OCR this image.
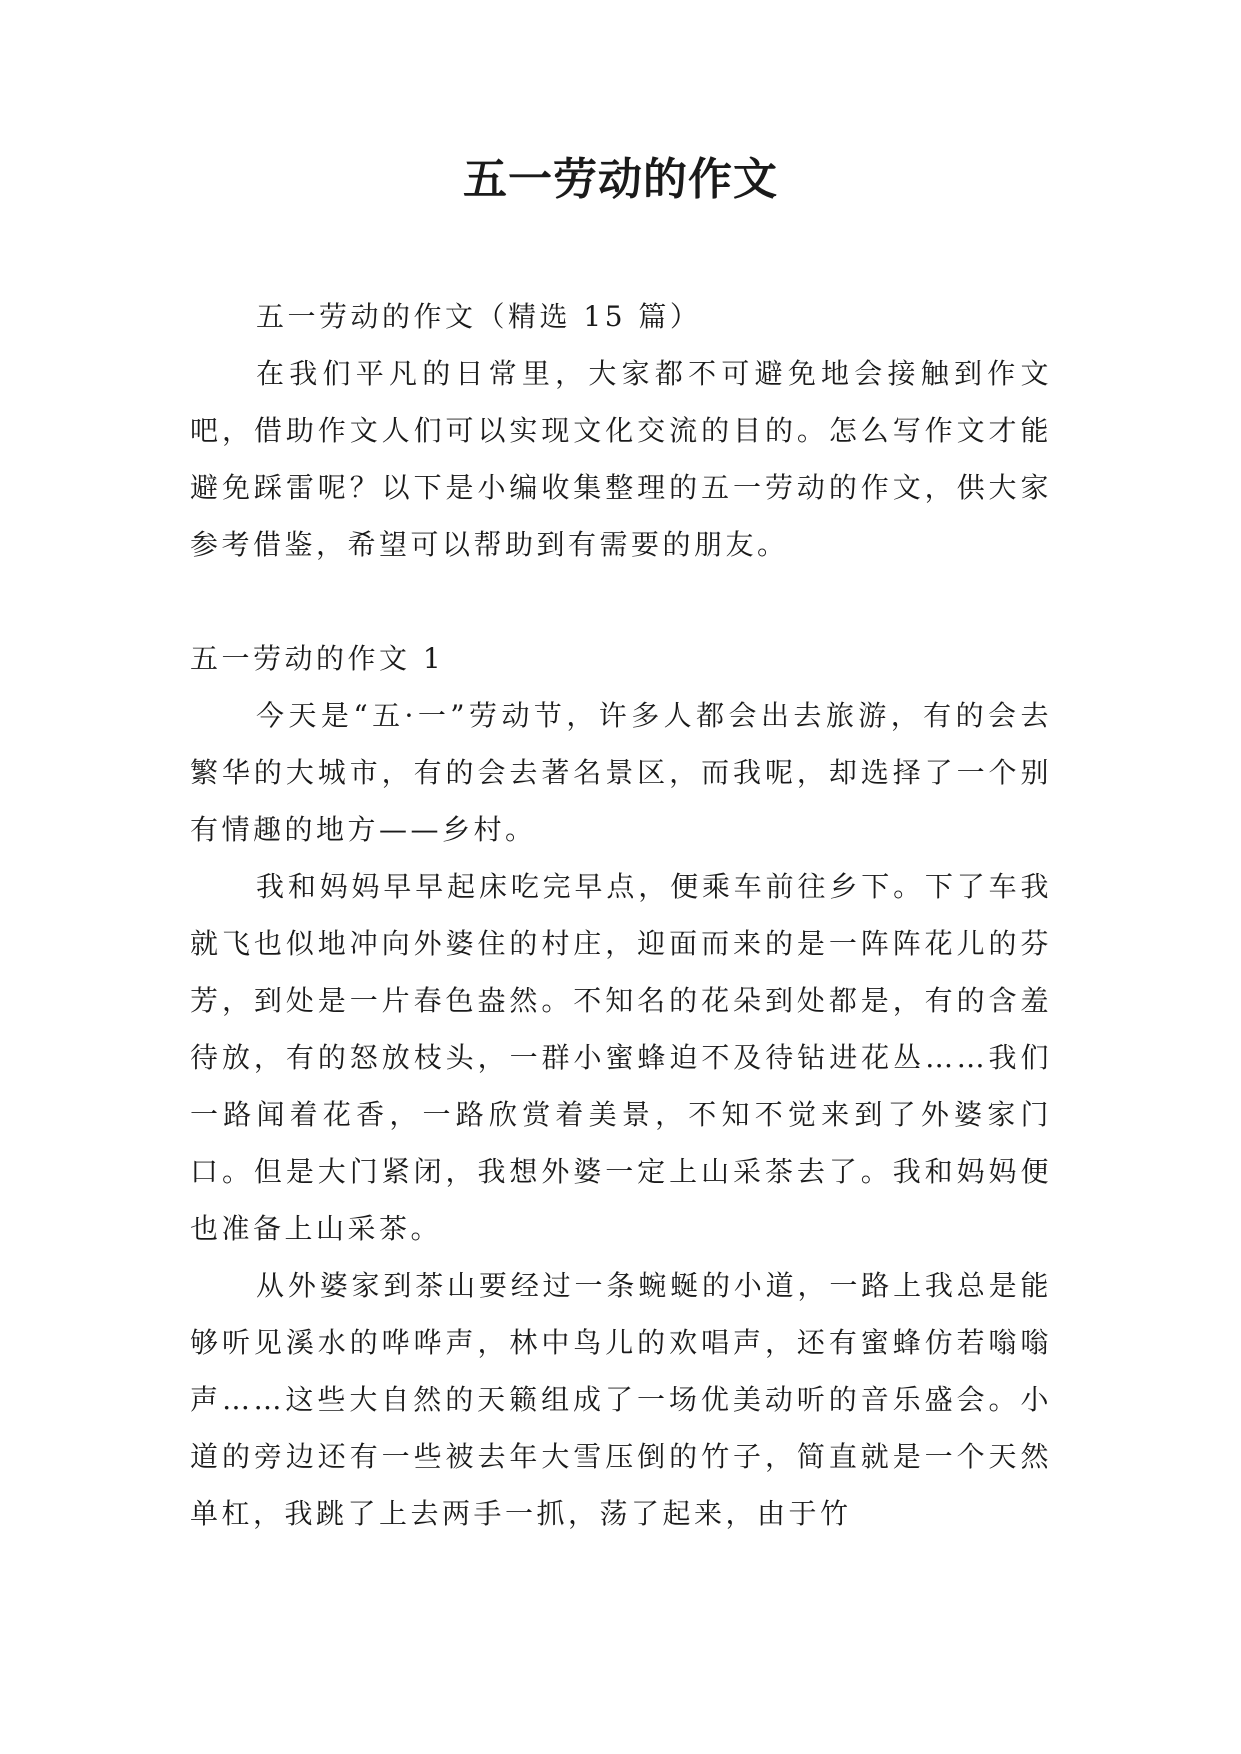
五一劳动的作文

五一劳动的作文（精选 15 篇）

在我们平凡的日常里，大家都不可避免地会接触到作文吧，借助作文人们可以实现文化交流的目的。怎么写作文才能避免踩雷呢？以下是小编收集整理的五一劳动的作文，供大家参考借鉴，希望可以帮助到有需要的朋友。

五一劳动的作文 1

今天是“五·一”劳动节，许多人都会出去旅游，有的会去繁华的大城市，有的会去著名景区，而我呢，却选择了一个别有情趣的地方——乡村。

我和妈妈早早起床吃完早点，便乘车前往乡下。下了车我就飞也似地冲向外婆住的村庄，迎面而来的是一阵阵花儿的芬芳，到处是一片春色盎然。不知名的花朵到处都是，有的含羞待放，有的怒放枝头，一群小蜜蜂迫不及待钻进花丛……我们一路闻着花香，一路欣赏着美景，不知不觉来到了外婆家门口。但是大门紧闭，我想外婆一定上山采茶去了。我和妈妈便也准备上山采茶。

从外婆家到茶山要经过一条蜿蜒的小道，一路上我总是能够听见溪水的哗哗声，林中鸟儿的欢唱声，还有蜜蜂仿若嗡嗡声……这些大自然的天籁组成了一场优美动听的音乐盛会。小道的旁边还有一些被去年大雪压倒的竹子，简直就是一个天然单杠，我跳了上去两手一抓，荡了起来，由于竹
